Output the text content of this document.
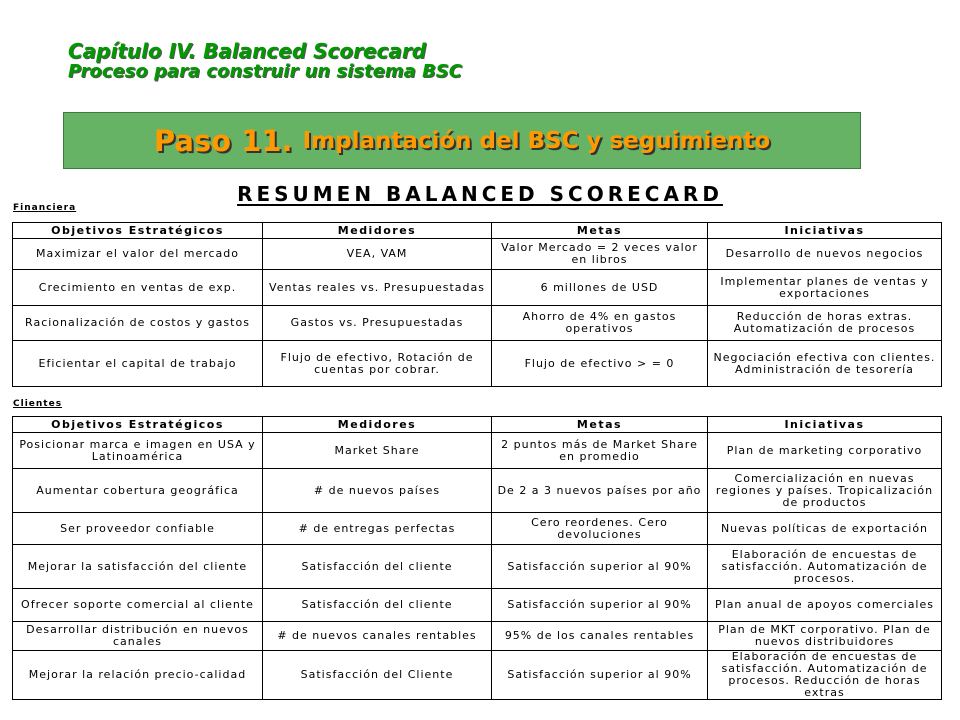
Capítulo IV. Balanced Scorecard
Proceso para construir un sistema BSC
Paso 11. Implantación del BSC y seguimiento
RESUMEN BALANCED SCORECARD
Financiera
Objetivos Estratégicos	Medidores	Metas	Iniciativas
Maximizar el valor del mercado	VEA, VAM	Valor Mercado = 2 veces valor en libros	Desarrollo de nuevos negocios
Crecimiento en ventas de exp.	Ventas reales vs. Presupuestadas	6 millones de USD	Implementar planes de ventas y exportaciones
Racionalización de costos y gastos	Gastos vs. Presupuestadas	Ahorro de 4% en gastos operativos	Reducción de horas extras. Automatización de procesos
Eficientar el capital de trabajo	Flujo de efectivo, Rotación de cuentas por cobrar.	Flujo de efectivo > = 0	Negociación efectiva con clientes. Administración de tesorería
Clientes
Objetivos Estratégicos	Medidores	Metas	Iniciativas
Posicionar marca e imagen en USA y Latinoamérica	Market Share	2 puntos más de Market Share en promedio	Plan de marketing corporativo
Aumentar cobertura geográfica	# de nuevos países	De 2 a 3 nuevos países por año	Comercialización en nuevas regiones y países. Tropicalización de productos
Ser proveedor confiable	# de entregas perfectas	Cero reordenes. Cero devoluciones	Nuevas políticas de exportación
Mejorar la satisfacción del cliente	Satisfacción del cliente	Satisfacción superior al 90%	Elaboración de encuestas de satisfacción. Automatización de procesos.
Ofrecer soporte comercial al cliente	Satisfacción del cliente	Satisfacción superior al 90%	Plan anual de apoyos comerciales
Desarrollar distribución en nuevos canales	# de nuevos canales rentables	95% de los canales rentables	Plan de MKT corporativo. Plan de nuevos distribuidores
Mejorar la relación precio-calidad	Satisfacción del Cliente	Satisfacción superior al 90%	Elaboración de encuestas de satisfacción. Automatización de procesos. Reducción de horas extras
